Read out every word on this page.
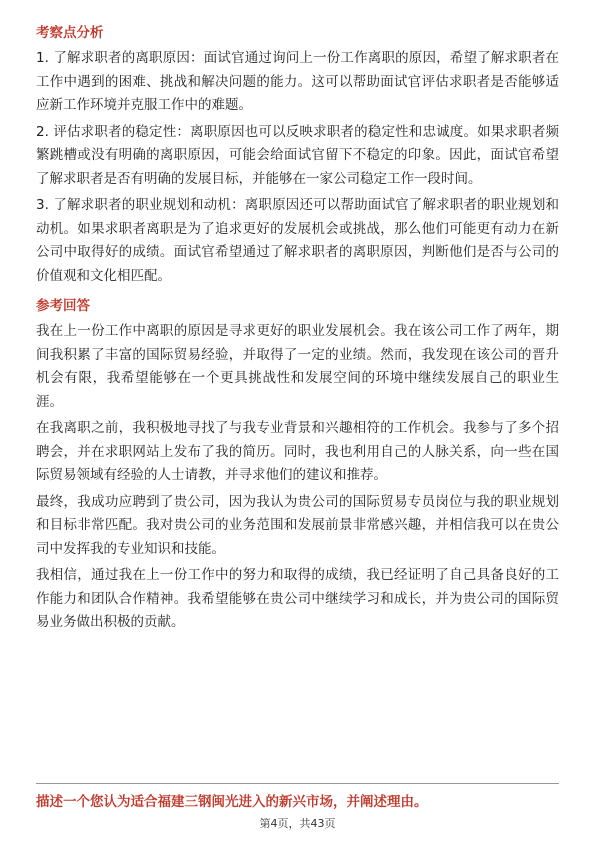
考察点分析
1. 了解求职者的离职原因：面试官通过询问上一份工作离职的原因，希望了解求职者在工作中遇到的困难、挑战和解决问题的能力。这可以帮助面试官评估求职者是否能够适应新工作环境并克服工作中的难题。
2. 评估求职者的稳定性：离职原因也可以反映求职者的稳定性和忠诚度。如果求职者频繁跳槽或没有明确的离职原因，可能会给面试官留下不稳定的印象。因此，面试官希望了解求职者是否有明确的发展目标，并能够在一家公司稳定工作一段时间。
3. 了解求职者的职业规划和动机：离职原因还可以帮助面试官了解求职者的职业规划和动机。如果求职者离职是为了追求更好的发展机会或挑战，那么他们可能更有动力在新公司中取得好的成绩。面试官希望通过了解求职者的离职原因，判断他们是否与公司的价值观和文化相匹配。
参考回答
我在上一份工作中离职的原因是寻求更好的职业发展机会。我在该公司工作了两年，期间我积累了丰富的国际贸易经验，并取得了一定的业绩。然而，我发现在该公司的晋升机会有限，我希望能够在一个更具挑战性和发展空间的环境中继续发展自己的职业生涯。
在我离职之前，我积极地寻找了与我专业背景和兴趣相符的工作机会。我参与了多个招聘会，并在求职网站上发布了我的简历。同时，我也利用自己的人脉关系，向一些在国际贸易领域有经验的人士请教，并寻求他们的建议和推荐。
最终，我成功应聘到了贵公司，因为我认为贵公司的国际贸易专员岗位与我的职业规划和目标非常匹配。我对贵公司的业务范围和发展前景非常感兴趣，并相信我可以在贵公司中发挥我的专业知识和技能。
我相信，通过我在上一份工作中的努力和取得的成绩，我已经证明了自己具备良好的工作能力和团队合作精神。我希望能够在贵公司中继续学习和成长，并为贵公司的国际贸易业务做出积极的贡献。
描述一个您认为适合福建三钢闽光进入的新兴市场，并阐述理由。
第4页，共43页
